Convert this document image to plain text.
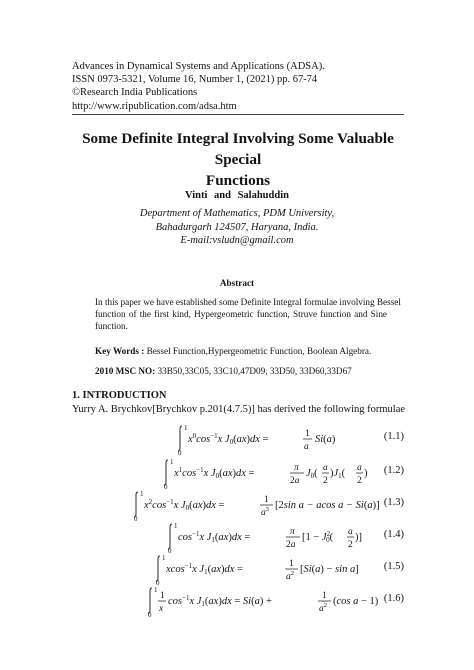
Advances in Dynamical Systems and Applications (ADSA).
ISSN 0973-5321, Volume 16, Number 1, (2021) pp. 67-74
©Research India Publications
http://www.ripublication.com/adsa.htm
Some Definite Integral Involving Some Valuable Special
Functions
Vinti and Salahuddin
Department of Mathematics, PDM University,
Bahadurgarh 124507, Haryana, India.
E-mail:vsludn@gmail.com
Abstract
In this paper we have established some Definite Integral formulae involving Bessel
function of the first kind, Hypergeometric function, Struve function and Sine
function.
Key Words : Bessel Function,Hypergeometric Function, Boolean Algebra.
2010 MSC NO: 33B50,33C05, 33C10,47D09, 33D50, 33D60,33D67
1. INTRODUCTION
Yurry A. Brychkov[Brychkov p.201(4.7.5)] has derived the following formulae
1
0
$x^0\cos^{-1}x$ J0(ax)dx =	1
a
Si(a)	(1.1)
1
0
$x^1\cos^{-1}x$ J0(ax)dx =	π
2a
J0( a
2
)J1( a
2
) (1.2)
1
0
$x^2\cos^{-1}x$ J0(ax)dx =	1
$a^3$ [2sin a − acos a − Si(a)] (1.3)
1
0
$\cos^{-1}x$ J1(ax)dx =	π
2a
[$1 - J^2$ 0( a
2
)] (1.4)
1
0
xcos$^{-1}$x J1(ax)dx =	1
$a^2$ [Si(a) − sin a] (1.5)
1
0
1
x
$\cos^{-1}x$ J1(ax)dx = Si(a) +	1
$a^2$ (cos a − 1) (1.6)
